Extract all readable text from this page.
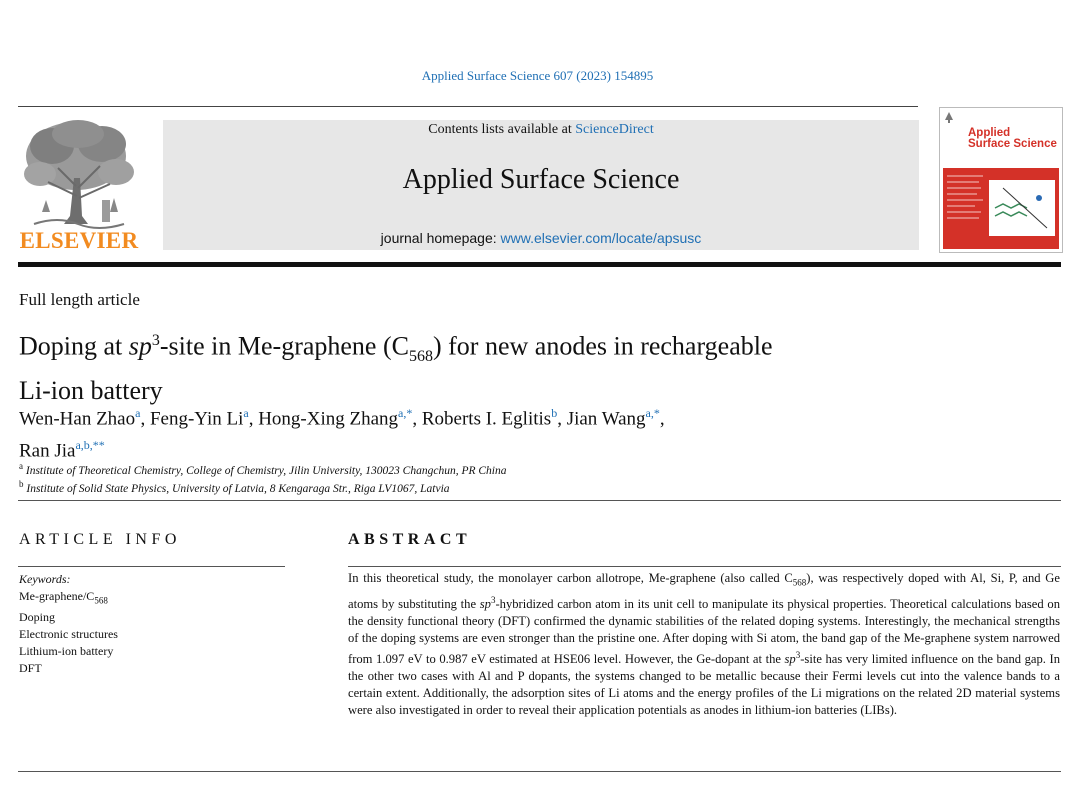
Applied Surface Science 607 (2023) 154895
ELSEVIER
Contents lists available at ScienceDirect
Applied Surface Science
journal homepage: www.elsevier.com/locate/apsusc
Applied
Surface Science
Full length article
Doping at $sp^3$-site in Me-graphene $(C_{568})$ for new anodes in rechargeable
Li-ion battery
Wen-Han Zhao$^a$, Feng-Yin Li$^a$, Hong-Xing Zhang$^{a,*}$, Roberts I. Eglitis$^b$, Jian Wang$^{a,*}$,
Ran Jia$^{a,b,**}$
$^a$ Institute of Theoretical Chemistry, College of Chemistry, Jilin University, 130023 Changchun, PR China
$^b$ Institute of Solid State Physics, University of Latvia, 8 Kengaraga Str., Riga LV1067, Latvia
ARTICLE INFO	ABSTRACT
Keywords:
$Me-graphene/C_{568}$
Doping
Electronic structures
Lithium-ion battery
DFT
In this theoretical study, the monolayer carbon allotrope, Me-graphene (also called $C_{568}$), was respectively doped with Al, Si, P, and Ge atoms by substituting the $sp^3$-hybridized carbon atom in its unit cell to manipulate its physical properties. Theoretical calculations based on the density functional theory (DFT) confirmed the dynamic stabilities of the related doping systems. Interestingly, the mechanical strengths of the doping systems are even stronger than the pristine one. After doping with Si atom, the band gap of the Me-graphene system narrowed from 1.097 eV to 0.987 eV estimated at HSE06 level. However, the Ge-dopant at the $sp^3$-site has very limited influence on the band gap. In the other two cases with Al and P dopants, the systems changed to be metallic because their Fermi levels cut into the valence bands to a certain extent. Additionally, the adsorption sites of Li atoms and the energy profiles of the Li migrations on the related 2D material systems were also investigated in order to reveal their application potentials as anodes in lithium-ion batteries (LIBs).
